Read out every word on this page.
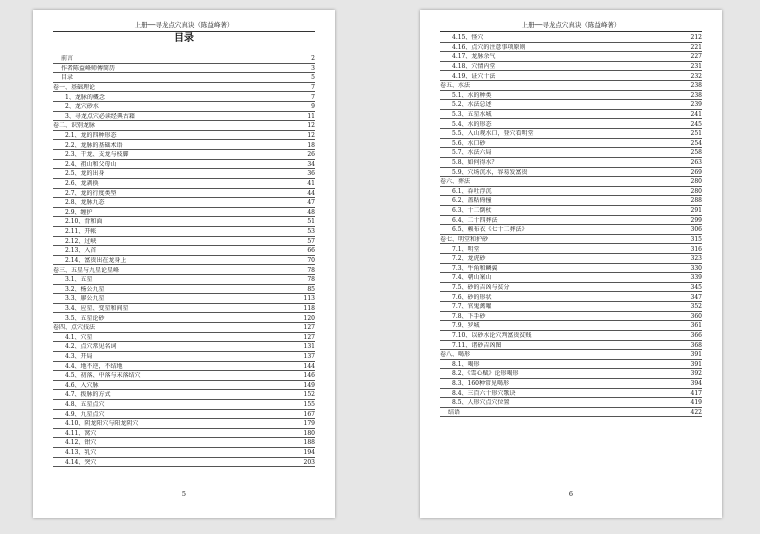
上册──寻龙点穴真诀（陈益峰著）
目录
前言	2
作者陈益峰师傅简历	3
目录	5
卷一、基础理论	7
1、龙脉的概念	7
2、龙穴砂水	9
3、寻龙点穴必读经典古籍	11
卷二、识别龙脉	12
2.1、龙的四种形态	12
2.2、龙脉的基础术语	18
2.3、干龙、支龙与枝脚	26
2.4、祖山和父母山	34
2.5、龙的出身	36
2.6、龙剥换	41
2.7、龙的行度类型	44
2.8、龙脉九态	47
2.9、缠护	48
2.10、背和面	51
2.11、开帐	53
2.12、过峡	57
2.13、入首	66
2.14、富贵出在龙身上	70
卷三、五星与九星论星峰	78
3.1、五星	78
3.2、杨公九星	85
3.3、廖公九星	113
3.4、应星、变星和间星	118
3.5、五星论砂	120
卷四、点穴技法	127
4.1、穴星	127
4.2、点穴常见名词	131
4.3、开局	137
4.4、地不逆，不结地	144
4.5、初落、中落与末落结穴	146
4.6、入穴脉	149
4.7、拨脉的方式	152
4.8、五星点穴	155
4.9、九星点穴	167
4.10、阴龙阳穴与阳龙阴穴	179
4.11、窝穴	180
4.12、钳穴	188
4.13、乳穴	194
4.14、突穴	203
5
上册──寻龙点穴真诀（陈益峰著）
4.15、怪穴	212
4.16、点穴的注意事项原则	221
4.17、龙脉余气	227
4.18、穴情内堂	231
4.19、证穴十法	232
卷五、水法	238
5.1、水的种类	238
5.2、水法总述	239
5.3、五星水城	241
5.4、水的形态	245
5.5、入山观水口，登穴看明堂	251
5.6、水口砂	254
5.7、水法六局	258
5.8、如何得水？	263
5.9、穴场沉水，容易发富贵	269
卷六、葬法	280
6.1、吞吐浮沉	280
6.2、盖粘倚撞	288
6.3、十二倒杖	291
6.4、二十四葬法	299
6.5、赖布衣《七十二葬法》	306
卷七、明堂和护砂	315
7.1、明堂	316
7.2、龙虎砂	323
7.3、牛角和鳞翼	330
7.4、朝山案山	339
7.5、砂的吉凶与贫分	345
7.6、砂的形状	347
7.7、官鬼禽曜	352
7.8、下手砂	360
7.9、罗城	361
7.10、以砂水论穴判富贵贫贱	366
7.11、诸砂吉凶图	368
卷八、喝形	391
8.1、喝形	391
8.2、《雪心赋》论形喝形	392
8.3、160种常见喝形	394
8.4、三百六十形穴歌诀	417
8.5、人形穴点穴位置	419
结语	422
6
